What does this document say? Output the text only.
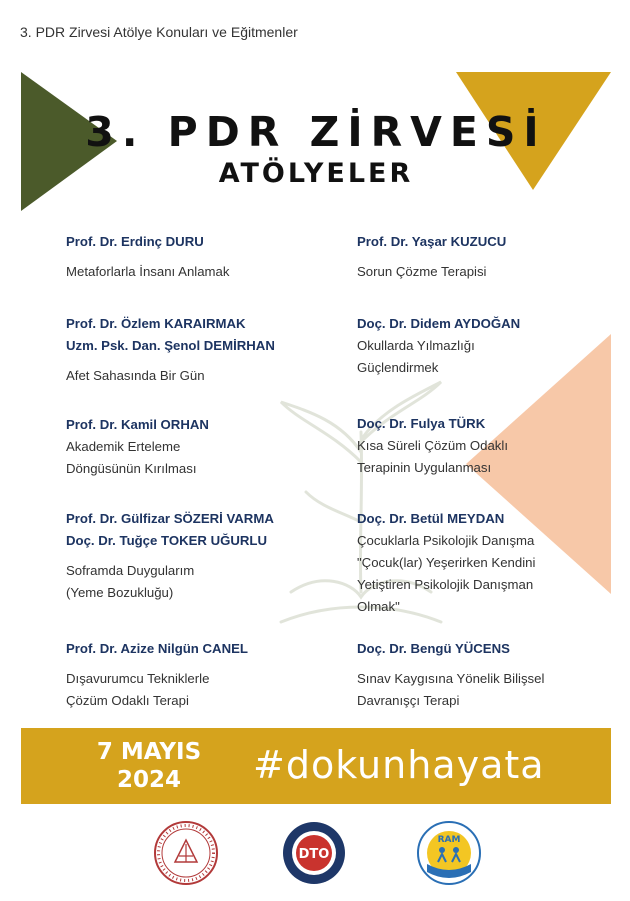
3. PDR Zirvesi Atölye Konuları ve Eğitmenler
3. PDR ZİRVESİ
ATÖLYELER
Prof. Dr. Erdinç DURU
Metaforlarla İnsanı Anlamak
Prof. Dr. Özlem KARAIRMAK
Uzm. Psk. Dan. Şenol DEMİRHAN
Afet Sahasında Bir Gün
Prof. Dr. Kamil ORHAN
Akademik Erteleme
Döngüsünün Kırılması
Prof. Dr. Gülfizar SÖZERİ VARMA
Doç. Dr. Tuğçe TOKER UĞURLU
Soframda Duygularım
(Yeme Bozukluğu)
Prof. Dr. Azize Nilgün CANEL
Dışavurumcu Tekniklerle
Çözüm Odaklı Terapi
Prof. Dr. Yaşar KUZUCU
Sorun Çözme Terapisi
Doç. Dr. Didem AYDOĞAN
Okullarda Yılmazlığı
Güçlendirmek
Doç. Dr. Fulya TÜRK
Kısa Süreli Çözüm Odaklı
Terapinin Uygulanması
Doç. Dr. Betül MEYDAN
Çocuklarla Psikolojik Danışma
"Çocuk(lar) Yeşerirken Kendini
Yetiştiren Psikolojik Danışman
Olmak"
Doç. Dr. Bengü YÜCENS
Sınav Kaygısına Yönelik Bilişsel
Davranışçı Terapi
7 MAYIS
2024	#dokunhayata
DTO
RAM
